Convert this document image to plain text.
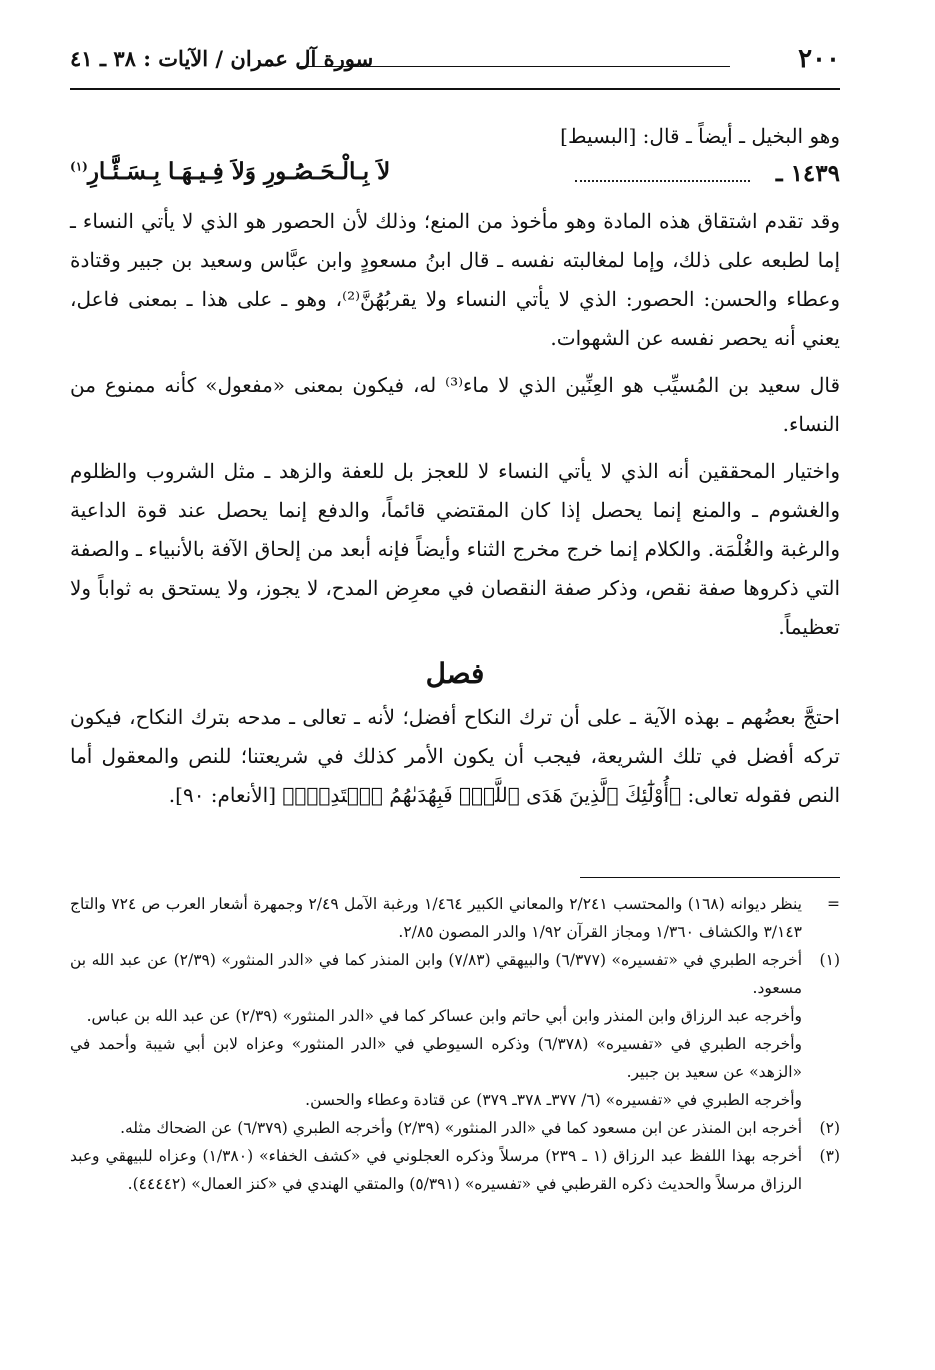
٢٠٠
سورة آل عمران / الآيات : ٣٨ ـ ٤١

وهو البخيل ـ أيضاً ـ قال: [البسيط]

١٤٣٩ ـ
لاَ بِـالْـحَـصُـورِ وَلاَ فِـيـهَـا بِـسَـئَّـارِ$^{(١)}$

وقد تقدم اشتقاق هذه المادة وهو مأخوذ من المنع؛ وذلك لأن الحصور هو الذي لا يأتي النساء ـ إما لطبعه على ذلك، وإما لمغالبته نفسه ـ قال ابنُ مسعودٍ وابن عبَّاس وسعيد بن جبير وقتادة وعطاء والحسن: الحصور: الذي لا يأتي النساء ولا يقربُهُنَّ⁽²⁾، وهو ـ على هذا ـ بمعنى فاعل، يعني أنه يحصر نفسه عن الشهوات.

قال سعيد بن المُسيِّب هو العِنِّين الذي لا ماء⁽³⁾ له، فيكون بمعنى «مفعول» كأنه ممنوع من النساء.

واختيار المحققين أنه الذي لا يأتي النساء لا للعجز بل للعفة والزهد ـ مثل الشروب والظلوم والغشوم ـ والمنع إنما يحصل إذا كان المقتضي قائماً، والدفع إنما يحصل عند قوة الداعية والرغبة والغُلْمَة. والكلام إنما خرج مخرج الثناء وأيضاً فإنه أبعد من إلحاق الآفة بالأنبياء ـ والصفة التي ذكروها صفة نقص، وذكر صفة النقصان في معرِض المدح، لا يجوز، ولا يستحق به ثواباً ولا تعظيماً.

فصل

احتجَّ بعضُهم ـ بهذه الآية ـ على أن ترك النكاح أفضل؛ لأنه ـ تعالى ـ مدحه بترك النكاح، فيكون تركه أفضل في تلك الشريعة، فيجب أن يكون الأمر كذلك في شريعتنا؛ للنص والمعقول أما النص فقوله تعالى: ﴿أُوْلَٰٓئِكَ ٱلَّذِينَ هَدَى ٱللَّهُۖ فَبِهُدَىٰهُمُ ٱقۡتَدِهۡۗ﴾ [الأنعام: ٩٠].

=
ينظر ديوانه (١٦٨) والمحتسب ٢/٢٤١ والمعاني الكبير ١/٤٦٤ ورغبة الآمل ٢/٤٩ وجمهرة أشعار العرب ص ٧٢٤ والتاج ٣/١٤٣ والكشاف ١/٣٦٠ ومجاز القرآن ١/٩٢ والدر المصون ٢/٨٥.
(١)
أخرجه الطبري في «تفسيره» (٦/٣٧٧) والبيهقي (٧/٨٣) وابن المنذر كما في «الدر المنثور» (٢/٣٩) عن عبد الله بن مسعود.
وأخرجه عبد الرزاق وابن المنذر وابن أبي حاتم وابن عساكر كما في «الدر المنثور» (٢/٣٩) عن عبد الله بن عباس.
وأخرجه الطبري في «تفسيره» (٦/٣٧٨) وذكره السيوطي في «الدر المنثور» وعزاه لابن أبي شيبة وأحمد في «الزهد» عن سعيد بن جبير.
وأخرجه الطبري في «تفسيره» (٦/ ٣٧٧ـ ٣٧٨ـ ٣٧٩) عن قتادة وعطاء والحسن.
(٢)
أخرجه ابن المنذر عن ابن مسعود كما في «الدر المنثور» (٢/٣٩) وأخرجه الطبري (٦/٣٧٩) عن الضحاك مثله.
(٣)
أخرجه بهذا اللفظ عبد الرزاق (١ ـ ٢٣٩) مرسلاً وذكره العجلوني في «كشف الخفاء» (١/٣٨٠) وعزاه للبيهقي وعبد الرزاق مرسلاً والحديث ذكره القرطبي في «تفسيره» (٥/٣٩١) والمتقي الهندي في «كنز العمال» (٤٤٤٤٢).
